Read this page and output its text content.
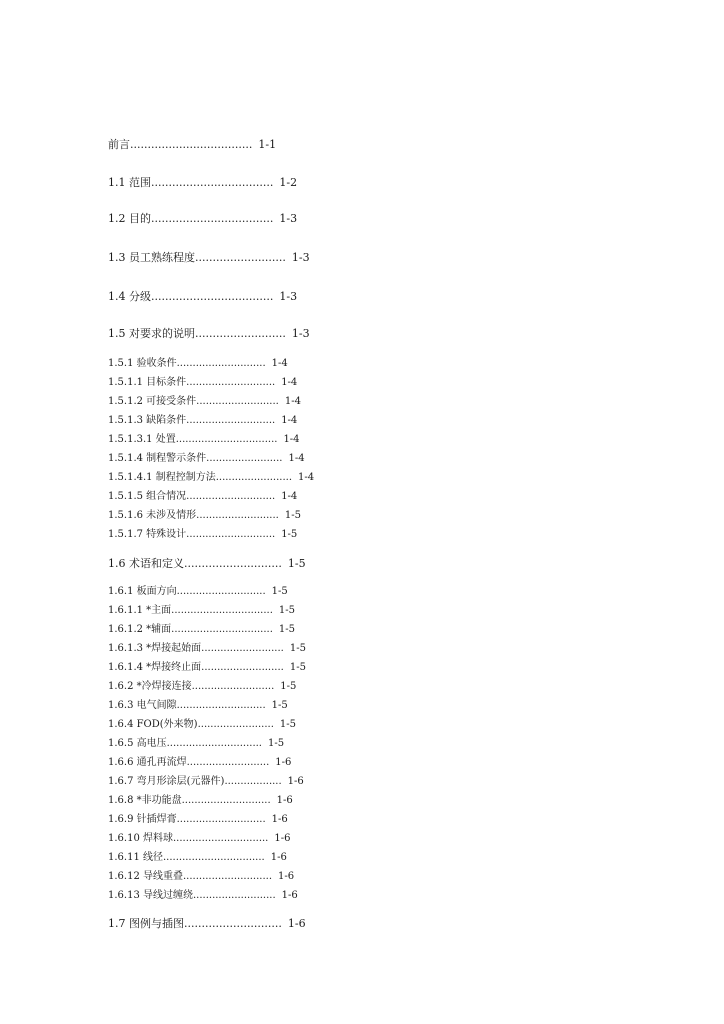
前言................................... 1-1
1.1 范围................................... 1-2
1.2 目的................................... 1-3
1.3 员工熟练程度.......................... 1-3
1.4 分级................................... 1-3
1.5 对要求的说明.......................... 1-3
1.5.1 验收条件............................ 1-4
1.5.1.1 目标条件............................ 1-4
1.5.1.2 可接受条件.......................... 1-4
1.5.1.3 缺陷条件............................ 1-4
1.5.1.3.1 处置................................ 1-4
1.5.1.4 制程警示条件........................ 1-4
1.5.1.4.1 制程控制方法........................ 1-4
1.5.1.5 组合情况............................ 1-4
1.5.1.6 未涉及情形.......................... 1-5
1.5.1.7 特殊设计............................ 1-5
1.6 术语和定义............................ 1-5
1.6.1 板面方向............................ 1-5
1.6.1.1 *主面................................ 1-5
1.6.1.2 *辅面................................ 1-5
1.6.1.3 *焊接起始面.......................... 1-5
1.6.1.4 *焊接终止面.......................... 1-5
1.6.2 *冷焊接连接.......................... 1-5
1.6.3 电气间隙............................ 1-5
1.6.4 FOD(外来物)........................ 1-5
1.6.5 高电压.............................. 1-5
1.6.6 通孔再流焊.......................... 1-6
1.6.7 弯月形涂层(元器件).................. 1-6
1.6.8 *非功能盘............................ 1-6
1.6.9 针插焊膏............................ 1-6
1.6.10 焊料球.............................. 1-6
1.6.11 线径................................ 1-6
1.6.12 导线重叠............................ 1-6
1.6.13 导线过缠绕.......................... 1-6
1.7 图例与插图............................ 1-6
